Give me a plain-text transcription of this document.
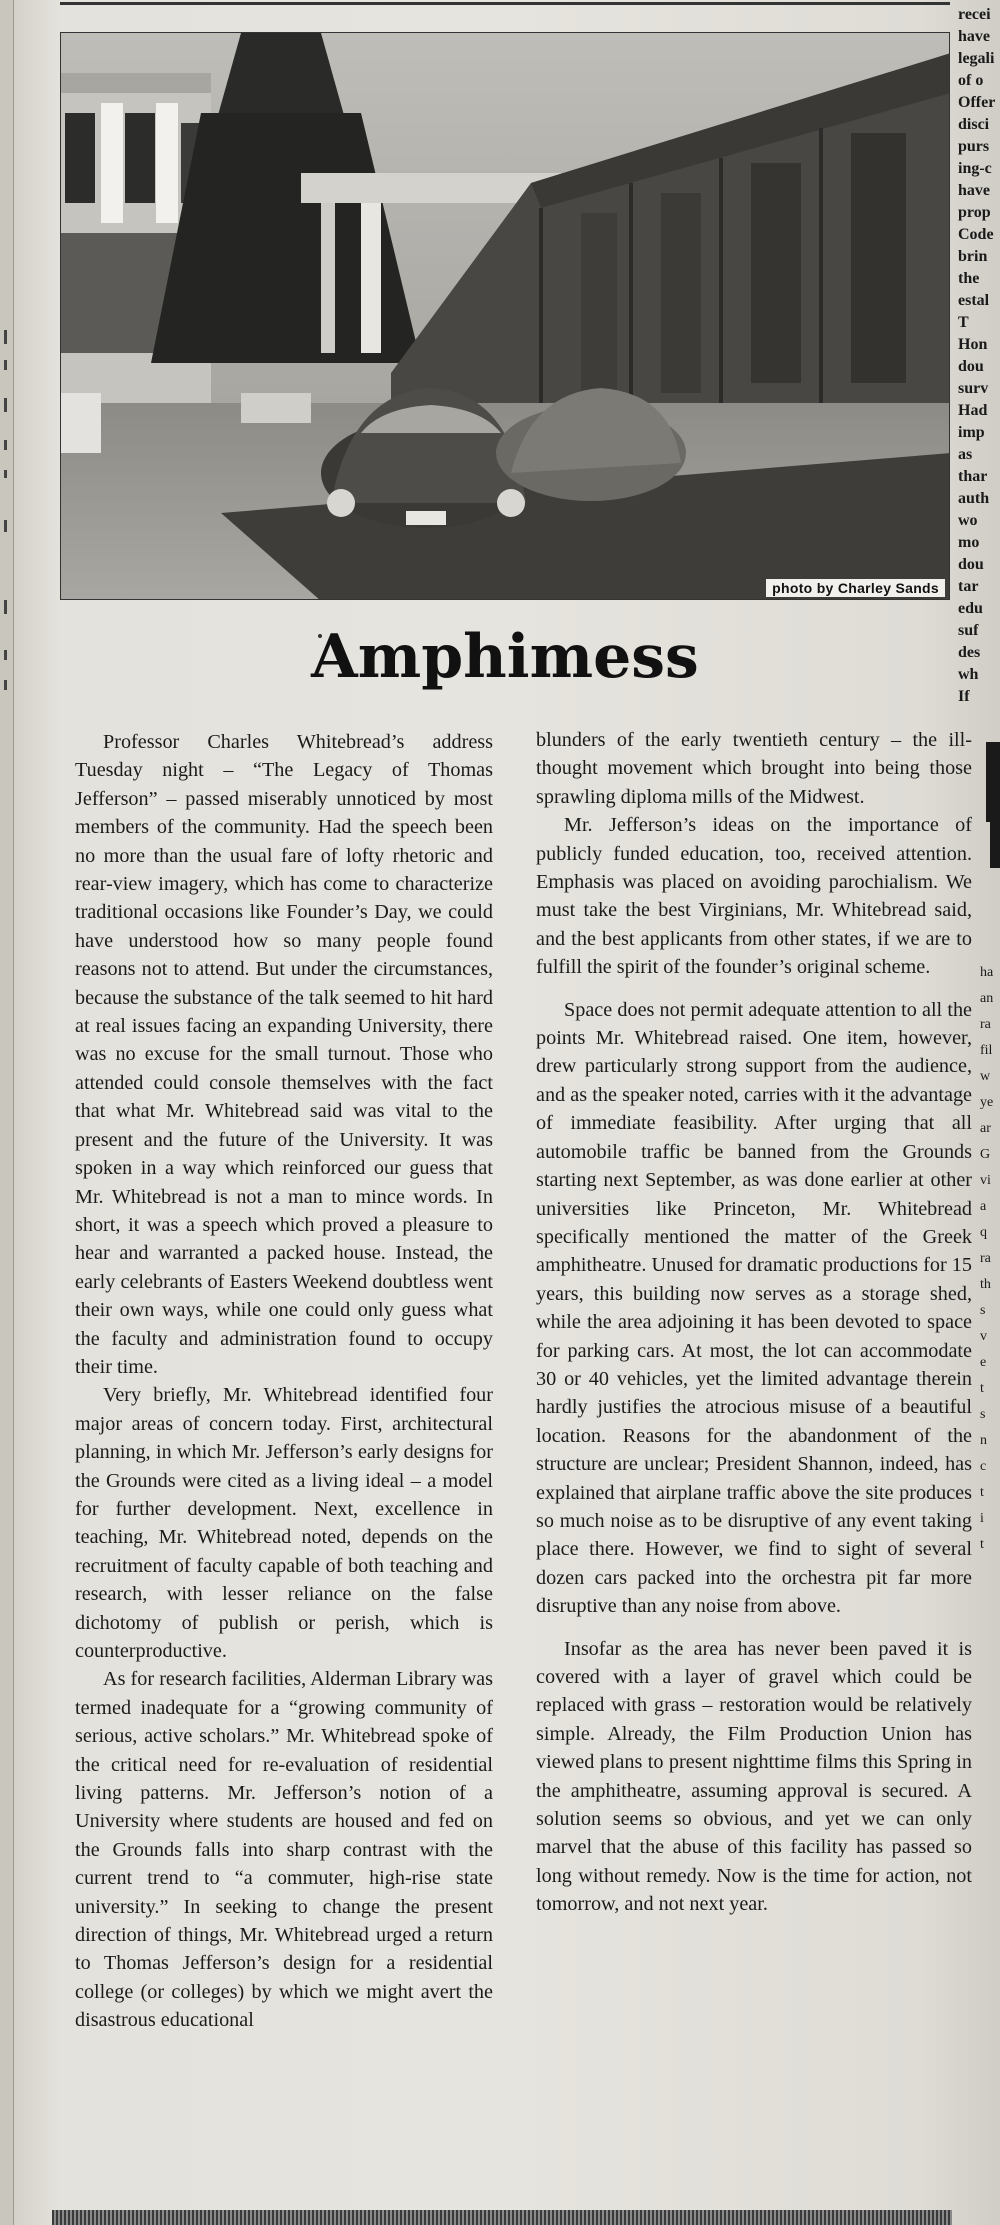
photo by Charley Sands
Amphimess

Professor Charles Whitebread’s address Tuesday night – “The Legacy of Thomas Jefferson” – passed miserably unnoticed by most members of the community. Had the speech been no more than the usual fare of lofty rhetoric and rear-view imagery, which has come to characterize traditional occasions like Founder’s Day, we could have understood how so many people found reasons not to attend. But under the circumstances, because the substance of the talk seemed to hit hard at real issues facing an expanding University, there was no excuse for the small turnout. Those who attended could console themselves with the fact that what Mr. Whitebread said was vital to the present and the future of the University. It was spoken in a way which reinforced our guess that Mr. Whitebread is not a man to mince words. In short, it was a speech which proved a pleasure to hear and warranted a packed house. Instead, the early celebrants of Easters Weekend doubtless went their own ways, while one could only guess what the faculty and administration found to occupy their time.

Very briefly, Mr. Whitebread identified four major areas of concern today. First, architectural planning, in which Mr. Jefferson’s early designs for the Grounds were cited as a living ideal – a model for further development. Next, excellence in teaching, Mr. Whitebread noted, depends on the recruitment of faculty capable of both teaching and research, with lesser reliance on the false dichotomy of publish or perish, which is counterproductive.

As for research facilities, Alderman Library was termed inadequate for a “growing community of serious, active scholars.” Mr. Whitebread spoke of the critical need for re-evaluation of residential living patterns. Mr. Jefferson’s notion of a University where students are housed and fed on the Grounds falls into sharp contrast with the current trend to “a commuter, high-rise state university.” In seeking to change the present direction of things, Mr. Whitebread urged a return to Thomas Jefferson’s design for a residential college (or colleges) by which we might avert the disastrous educational

blunders of the early twentieth century – the ill-thought movement which brought into being those sprawling diploma mills of the Midwest.

Mr. Jefferson’s ideas on the importance of publicly funded education, too, received attention. Emphasis was placed on avoiding parochialism. We must take the best Virginians, Mr. Whitebread said, and the best applicants from other states, if we are to fulfill the spirit of the founder’s original scheme.

Space does not permit adequate attention to all the points Mr. Whitebread raised. One item, however, drew particularly strong support from the audience, and as the speaker noted, carries with it the advantage of immediate feasibility. After urging that all automobile traffic be banned from the Grounds starting next September, as was done earlier at other universities like Princeton, Mr. Whitebread specifically mentioned the matter of the Greek amphitheatre. Unused for dramatic productions for 15 years, this building now serves as a storage shed, while the area adjoining it has been devoted to space for parking cars. At most, the lot can accommodate 30 or 40 vehicles, yet the limited advantage therein hardly justifies the atrocious misuse of a beautiful location. Reasons for the abandonment of the structure are unclear; President Shannon, indeed, has explained that airplane traffic above the site produces so much noise as to be disruptive of any event taking place there. However, we find to sight of several dozen cars packed into the orchestra pit far more disruptive than any noise from above.

Insofar as the area has never been paved it is covered with a layer of gravel which could be replaced with grass – restoration would be relatively simple. Already, the Film Production Union has viewed plans to present nighttime films this Spring in the amphitheatre, assuming approval is secured. A solution seems so obvious, and yet we can only marvel that the abuse of this facility has passed so long without remedy. Now is the time for action, not tomorrow, and not next year.

recei
have
legali
of o
Offer
disci
purs
ing-c
have
prop
Code
brin
the
estal
T
Hon
dou
surv
Had
imp
as
thar
auth
wo
mo
dou
tar
edu
suf
des
wh
If
ha
an
ra
fil
w
ye
ar
G
vi
a
q
ra
th
s
v
e
t
s
n
c
t
i
t
